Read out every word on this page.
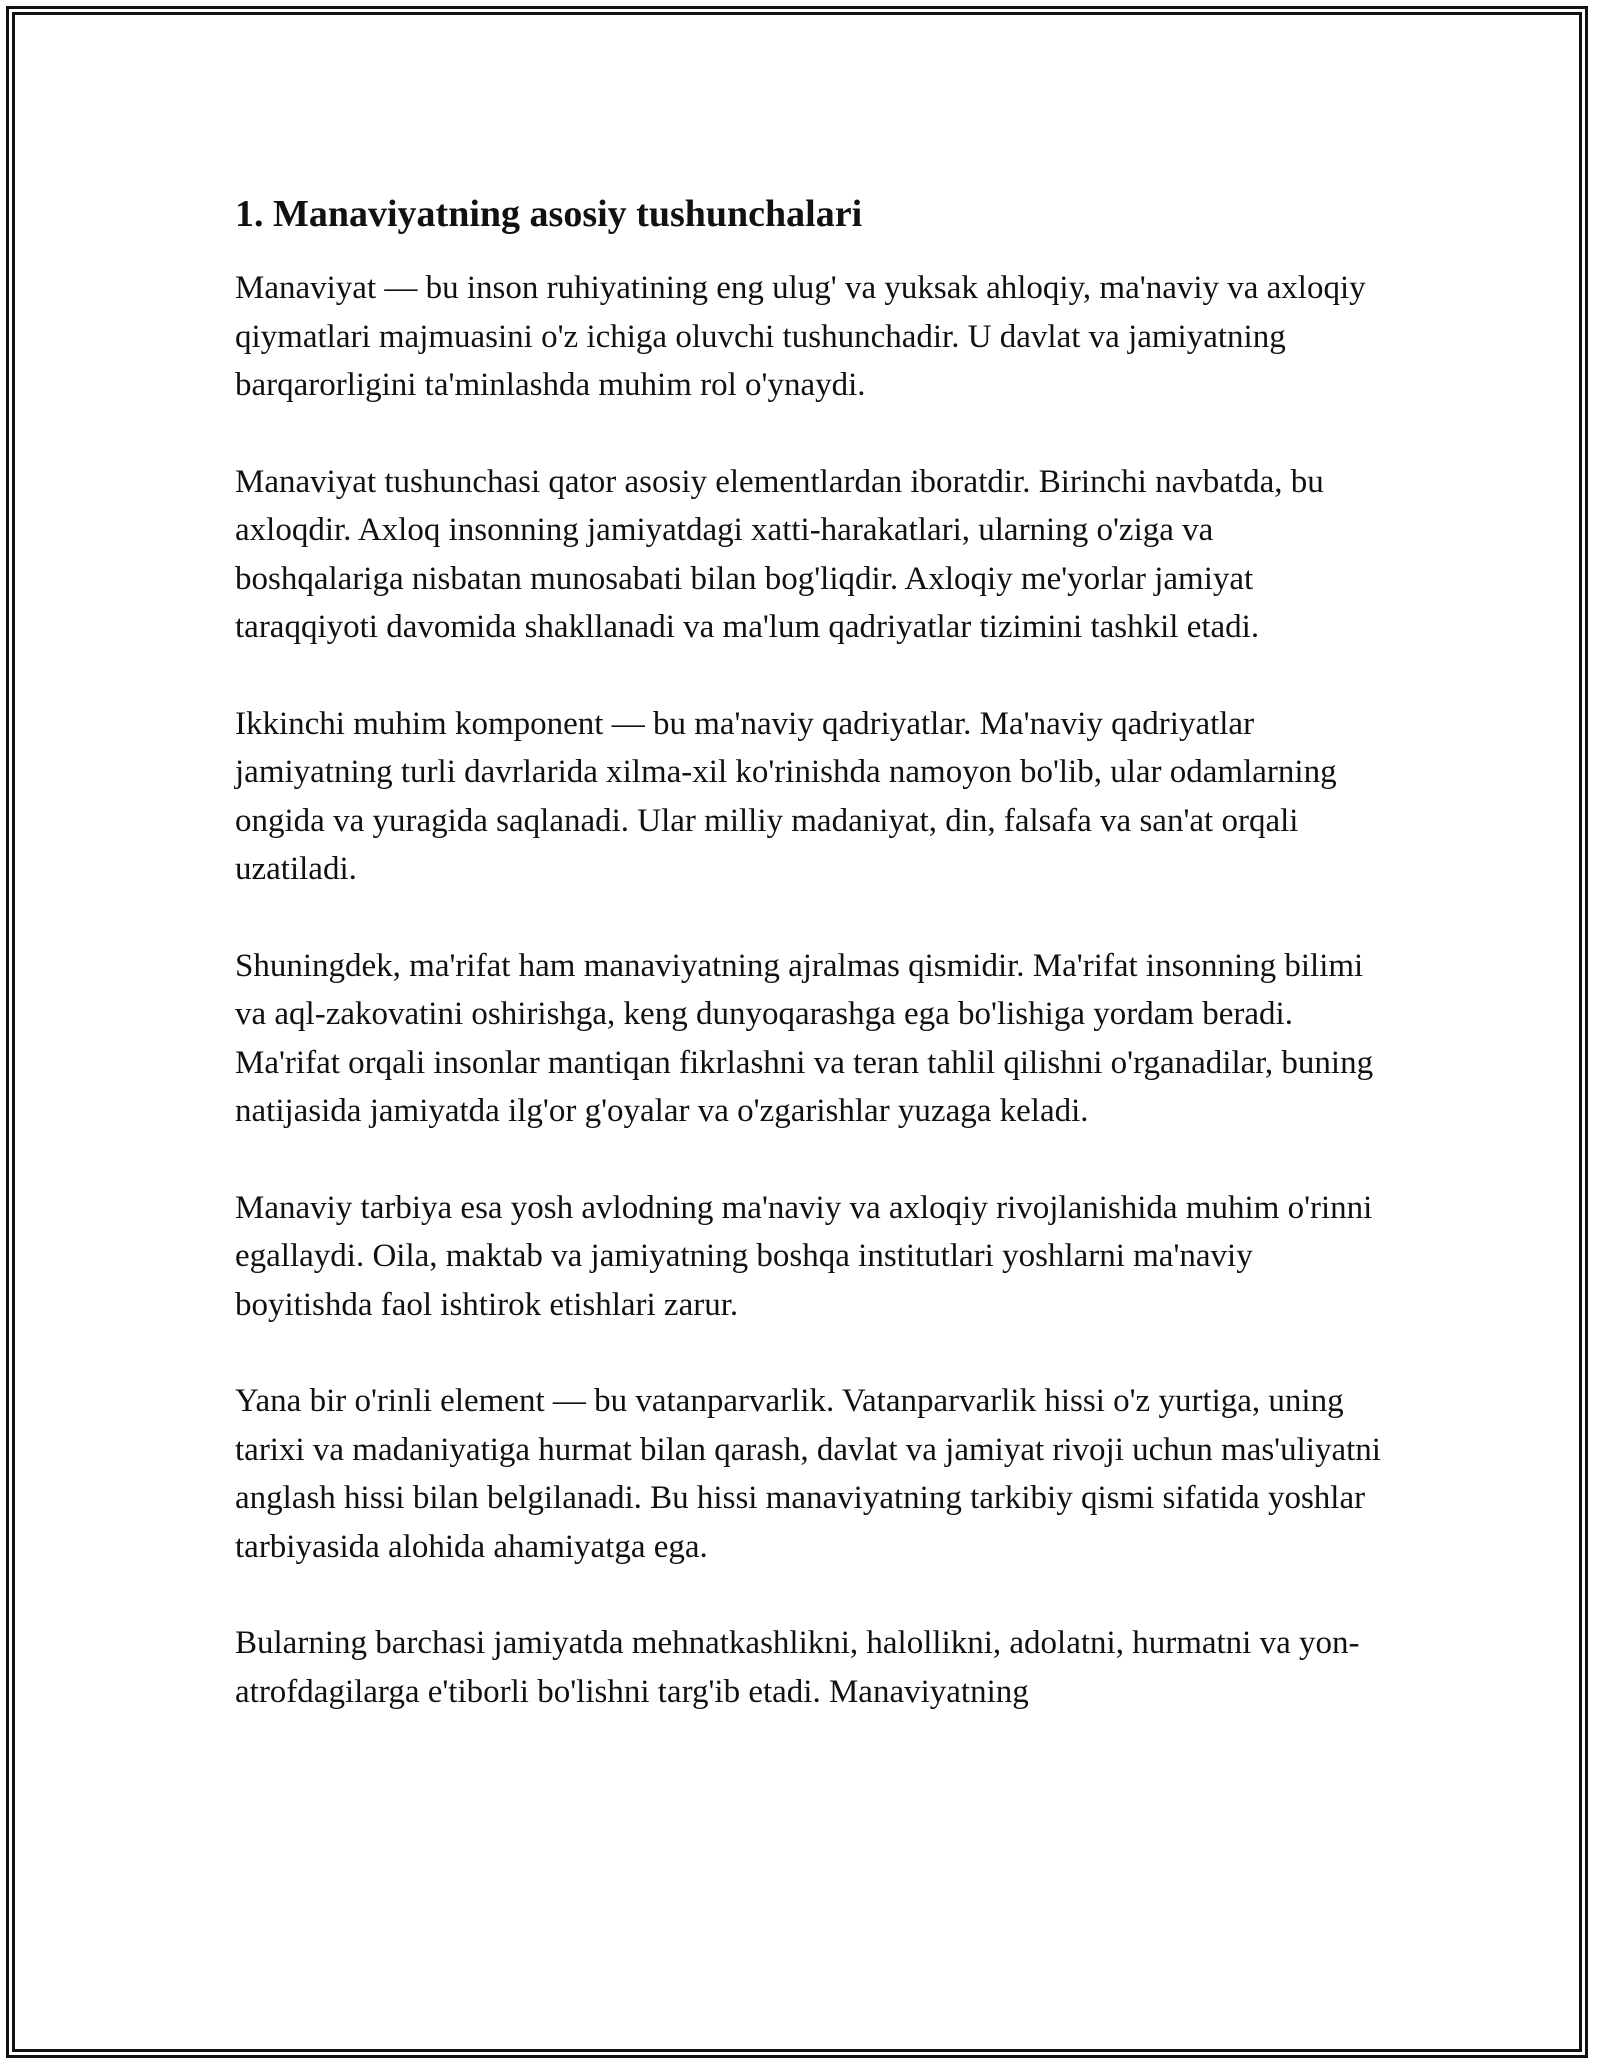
1. Manaviyatning asosiy tushunchalari

Manaviyat — bu inson ruhiyatining eng ulug' va yuksak ahloqiy, ma'naviy va axloqiy qiymatlari majmuasini o'z ichiga oluvchi tushunchadir. U davlat va jamiyatning barqarorligini ta'minlashda muhim rol o'ynaydi.

Manaviyat tushunchasi qator asosiy elementlardan iboratdir. Birinchi navbatda, bu axloqdir. Axloq insonning jamiyatdagi xatti-harakatlari, ularning o'ziga va boshqalariga nisbatan munosabati bilan bog'liqdir. Axloqiy me'yorlar jamiyat taraqqiyoti davomida shakllanadi va ma'lum qadriyatlar tizimini tashkil etadi.

Ikkinchi muhim komponent — bu ma'naviy qadriyatlar. Ma'naviy qadriyatlar jamiyatning turli davrlarida xilma-xil ko'rinishda namoyon bo'lib, ular odamlarning ongida va yuragida saqlanadi. Ular milliy madaniyat, din, falsafa va san'at orqali uzatiladi.

Shuningdek, ma'rifat ham manaviyatning ajralmas qismidir. Ma'rifat insonning bilimi va aql-zakovatini oshirishga, keng dunyoqarashga ega bo'lishiga yordam beradi. Ma'rifat orqali insonlar mantiqan fikrlashni va teran tahlil qilishni o'rganadilar, buning natijasida jamiyatda ilg'or g'oyalar va o'zgarishlar yuzaga keladi.

Manaviy tarbiya esa yosh avlodning ma'naviy va axloqiy rivojlanishida muhim o'rinni egallaydi. Oila, maktab va jamiyatning boshqa institutlari yoshlarni ma'naviy boyitishda faol ishtirok etishlari zarur.

Yana bir o'rinli element — bu vatanparvarlik. Vatanparvarlik hissi o'z yurtiga, uning tarixi va madaniyatiga hurmat bilan qarash, davlat va jamiyat rivoji uchun mas'uliyatni anglash hissi bilan belgilanadi. Bu hissi manaviyatning tarkibiy qismi sifatida yoshlar tarbiyasida alohida ahamiyatga ega.

Bularning barchasi jamiyatda mehnatkashlikni, halollikni, adolatni, hurmatni va yon-atrofdagilarga e'tiborli bo'lishni targ'ib etadi. Manaviyatning
